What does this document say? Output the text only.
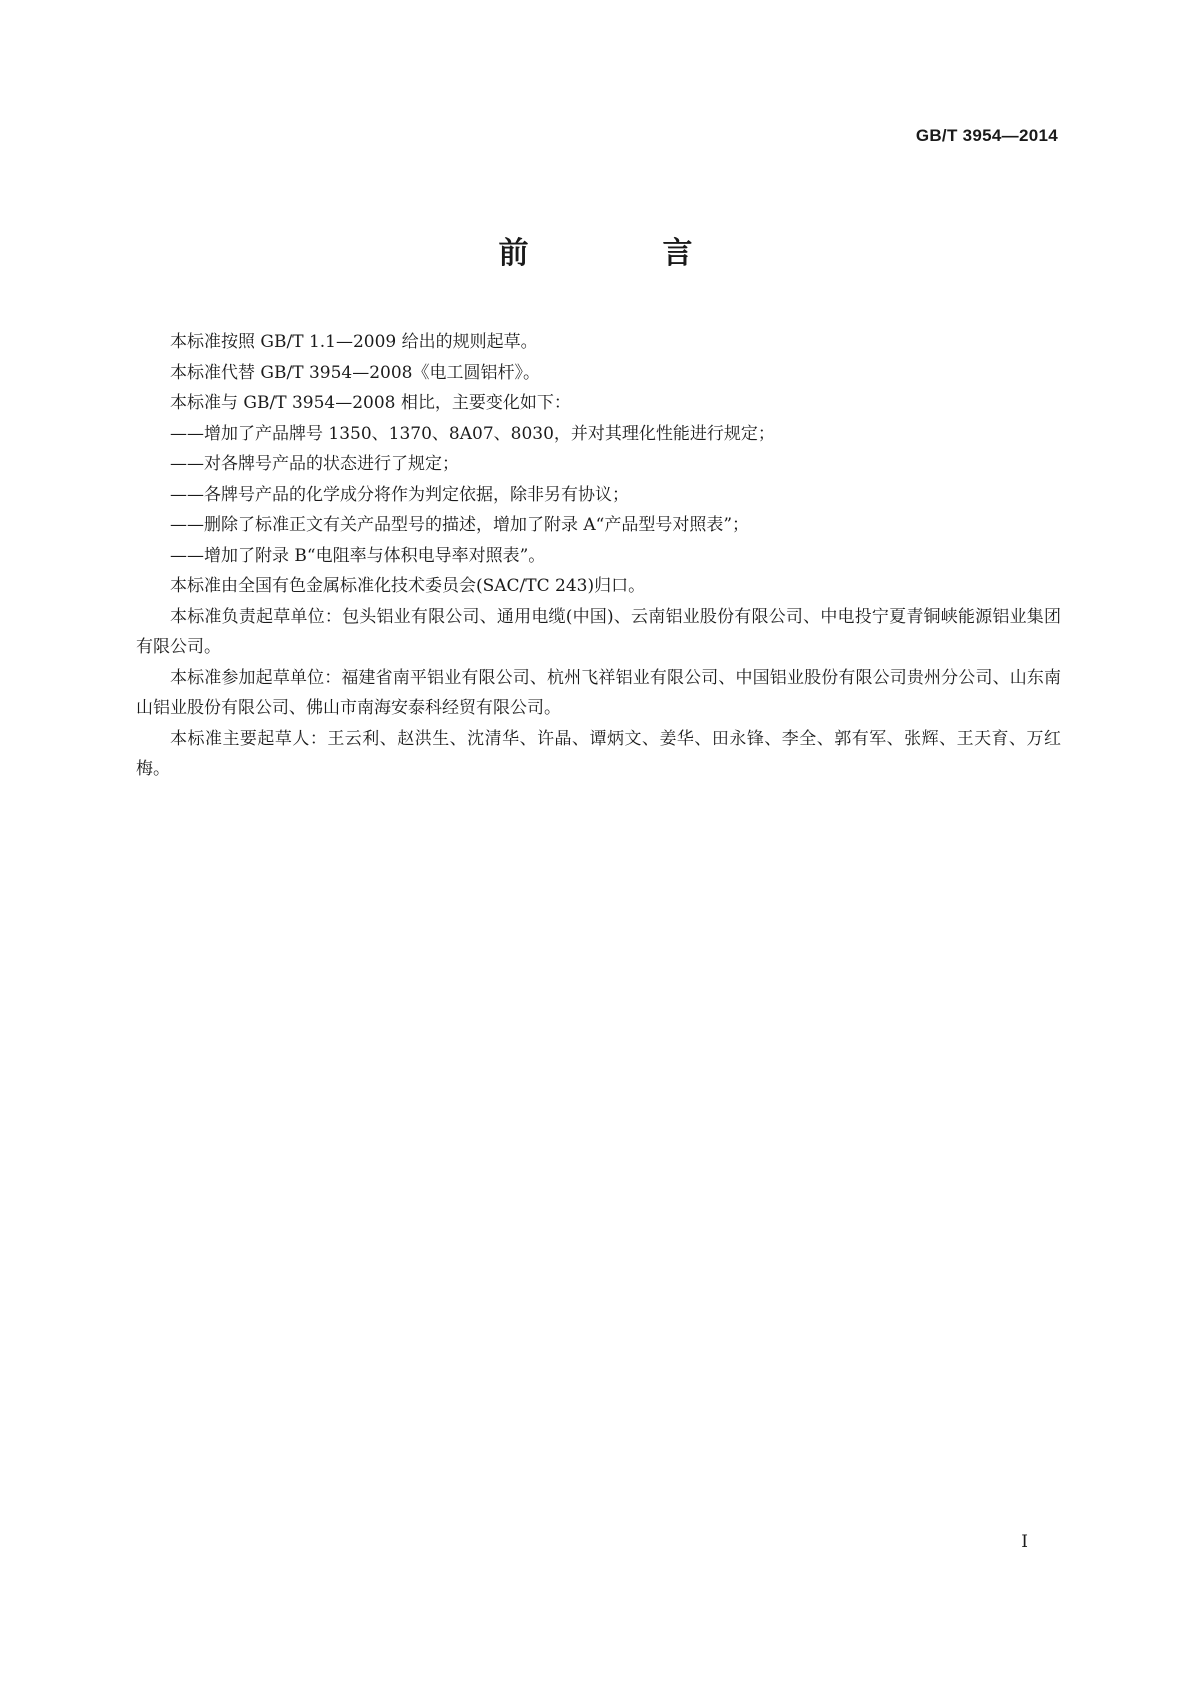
GB/T 3954—2014
前　言

本标准按照 GB/T 1.1—2009 给出的规则起草。

本标准代替 GB/T 3954—2008《电工圆铝杆》。

本标准与 GB/T 3954—2008 相比，主要变化如下：

——增加了产品牌号 1350、1370、8A07、8030，并对其理化性能进行规定；

——对各牌号产品的状态进行了规定；

——各牌号产品的化学成分将作为判定依据，除非另有协议；

——删除了标准正文有关产品型号的描述，增加了附录 A“产品型号对照表”；

——增加了附录 B“电阻率与体积电导率对照表”。

本标准由全国有色金属标准化技术委员会(SAC/TC 243)归口。

本标准负责起草单位：包头铝业有限公司、通用电缆(中国)、云南铝业股份有限公司、中电投宁夏青铜峡能源铝业集团有限公司。

本标准参加起草单位：福建省南平铝业有限公司、杭州飞祥铝业有限公司、中国铝业股份有限公司贵州分公司、山东南山铝业股份有限公司、佛山市南海安泰科经贸有限公司。

本标准主要起草人：王云利、赵洪生、沈清华、许晶、谭炳文、姜华、田永锋、李全、郭有军、张辉、王天育、万红梅。

I
